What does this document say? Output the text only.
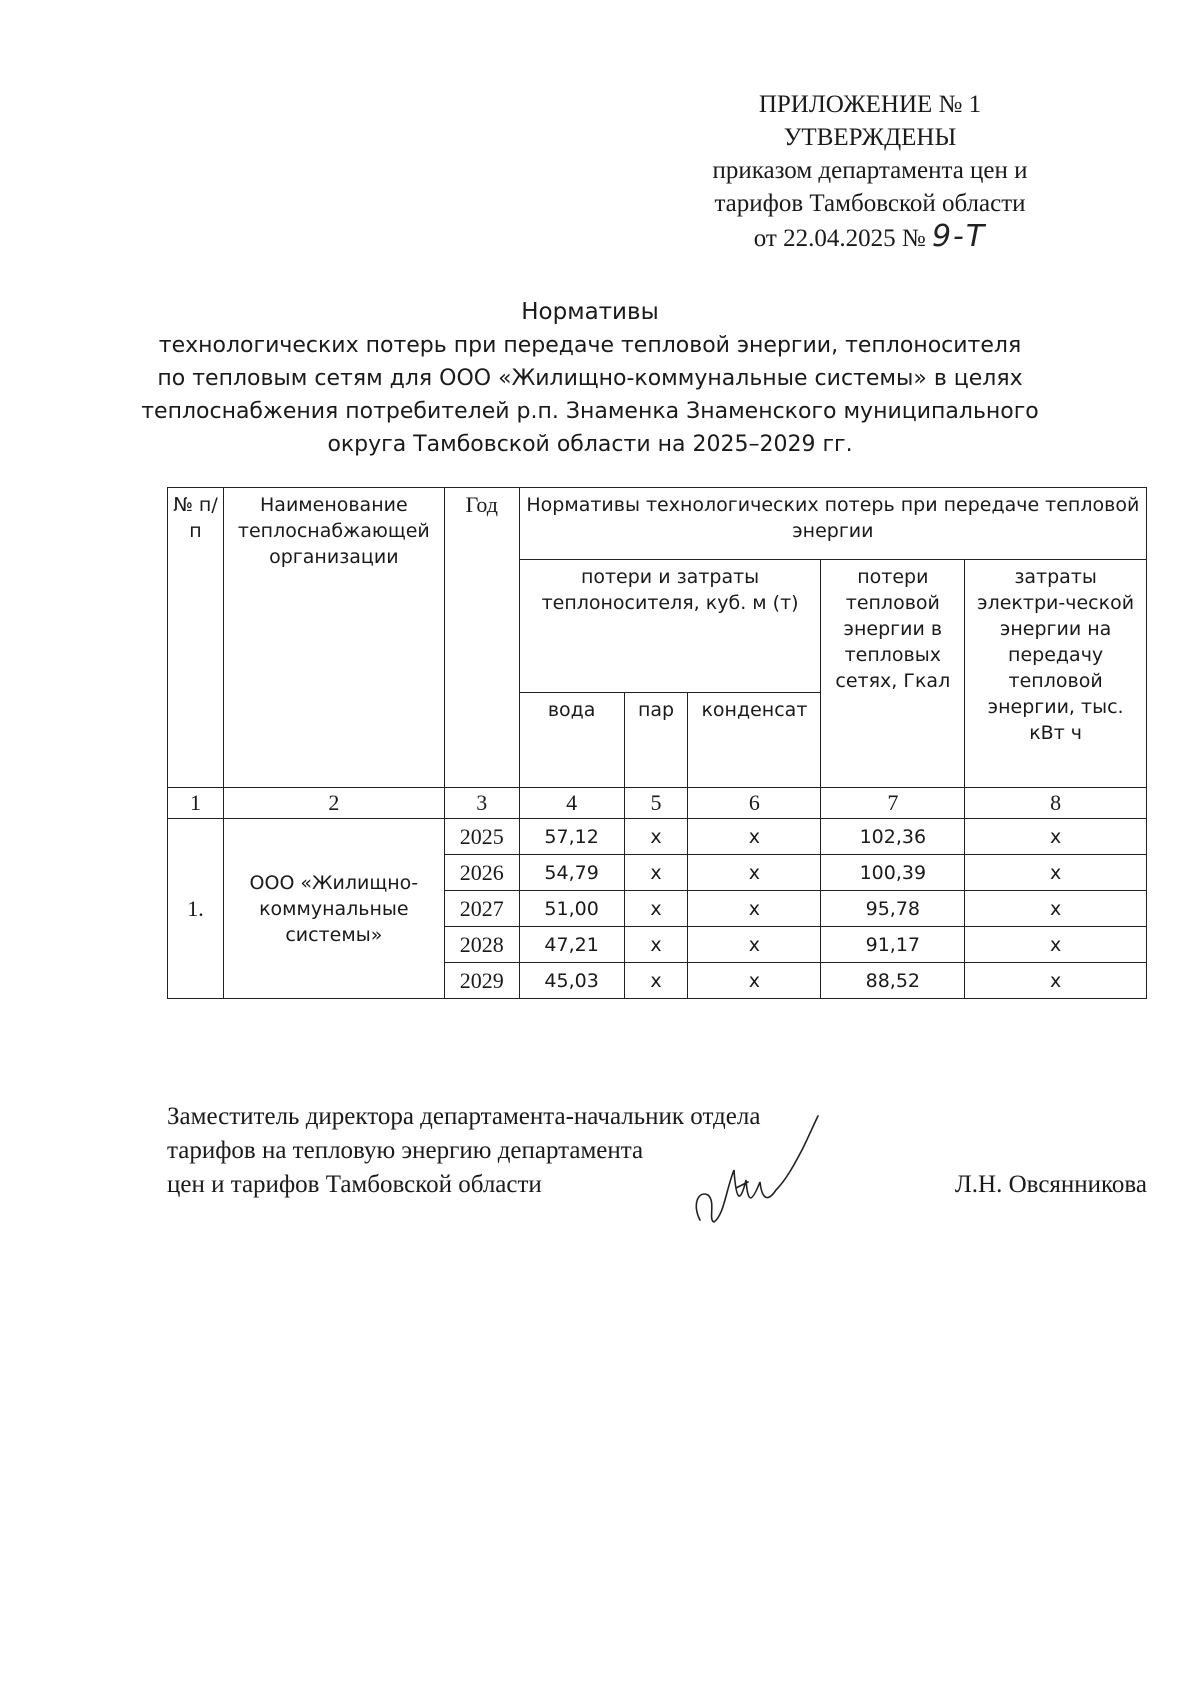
ПРИЛОЖЕНИЕ № 1
УТВЕРЖДЕНЫ
приказом департамента цен и
тарифов Тамбовской области
от 22.04.2025 № 9-Т
Нормативы
технологических потерь при передаче тепловой энергии, теплоносителя
по тепловым сетям для ООО «Жилищно-коммунальные системы» в целях
теплоснабжения потребителей р.п. Знаменка Знаменского муниципального
округа Тамбовской области на 2025–2029 гг.
№ п/п	Наименование теплоснабжающей организации	Год	Нормативы технологических потерь при передаче тепловой энергии				
			потери и затраты теплоносителя, куб. м (т)			потери тепловой энергии в тепловых сетях, Гкал	затраты электри-ческой энергии на передачу тепловой энергии, тыс. кВт ч
			вода	пар	конденсат		
1	2	3	4	5	6	7	8
1.	ООО «Жилищно-коммунальные системы»	2025	57,12	х	х	102,36	х
		2026	54,79	х	х	100,39	х
		2027	51,00	х	х	95,78	х
		2028	47,21	х	х	91,17	х
		2029	45,03	х	х	88,52	х
Заместитель директора департамента-начальник отдела
тарифов на тепловую энергию департамента
цен и тарифов Тамбовской области	Л.Н. Овсянникова
